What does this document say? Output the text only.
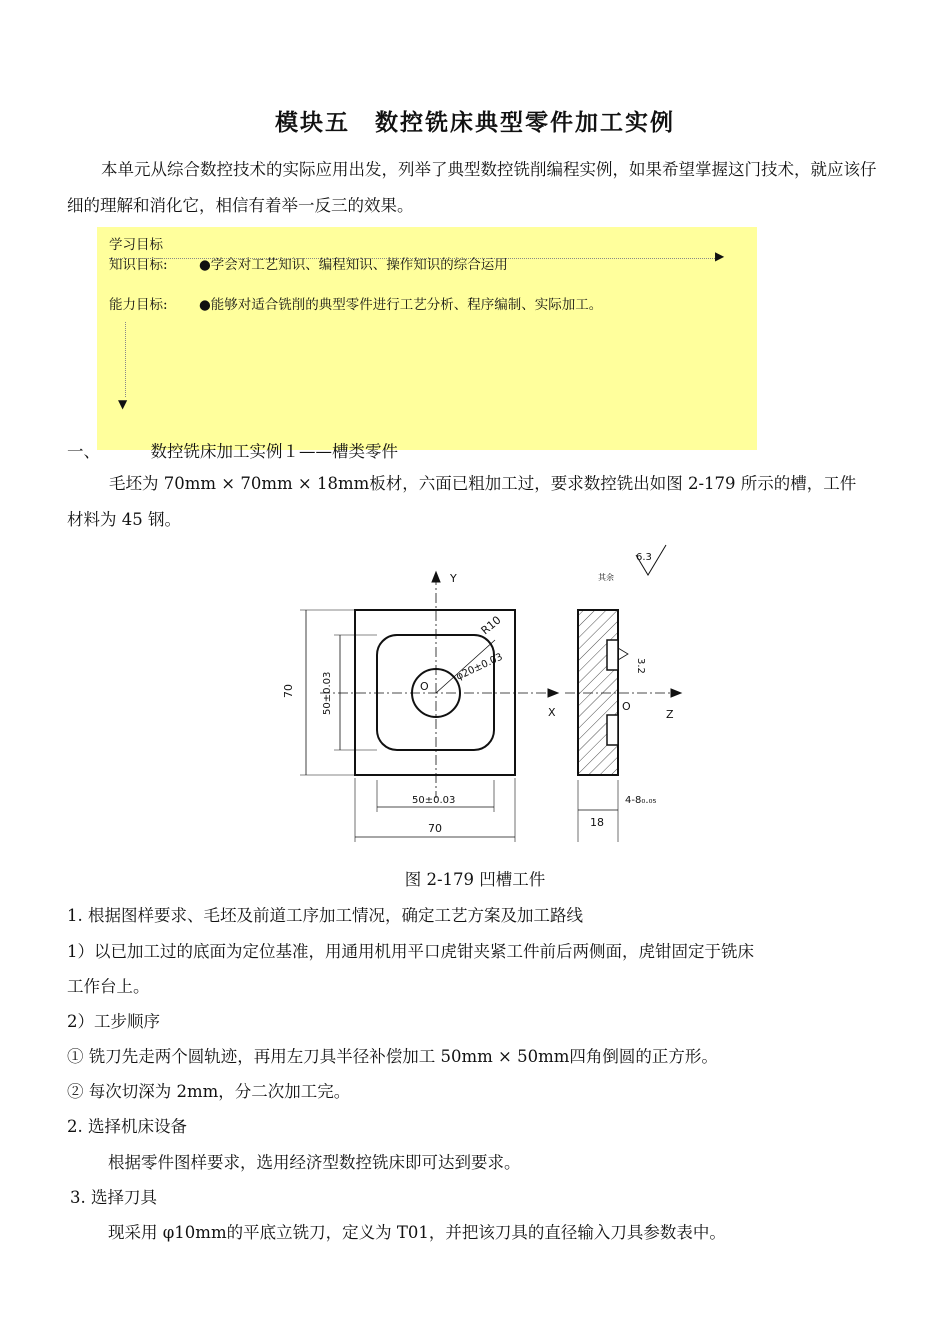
模块五　数控铣床典型零件加工实例
本单元从综合数控技术的实际应用出发，列举了典型数控铣削编程实例，如果希望掌握这门技术，就应该仔细的理解和消化它，相信有着举一反三的效果。
学习目标
知识目标: ●学会对工艺知识、编程知识、操作知识的综合运用
▶
能力目标: ●能够对适合铣削的典型零件进行工艺分析、程序编制、实际加工。
▼
一、	数控铣床加工实例１——槽类零件
毛坯为 70mm × 70mm × 18mm板材，六面已粗加工过，要求数控铣出如图 2-179 所示的槽，工件
材料为 45 钢。
Y
X
O
R10
φ20±0.03
70	50±0.03
50±0.03
70
Z
O
3.2
18
4-8₀.₀₅
6.3
其余
图 2-179 凹槽工件
1. 根据图样要求、毛坯及前道工序加工情况，确定工艺方案及加工路线
1）以已加工过的底面为定位基准，用通用机用平口虎钳夹紧工件前后两侧面，虎钳固定于铣床
工作台上。
2）工步顺序
① 铣刀先走两个圆轨迹，再用左刀具半径补偿加工 50mm × 50mm四角倒圆的正方形。
② 每次切深为 2mm，分二次加工完。
2. 选择机床设备
根据零件图样要求，选用经济型数控铣床即可达到要求。
3. 选择刀具
现采用 φ10mm的平底立铣刀，定义为 T01，并把该刀具的直径输入刀具参数表中。
